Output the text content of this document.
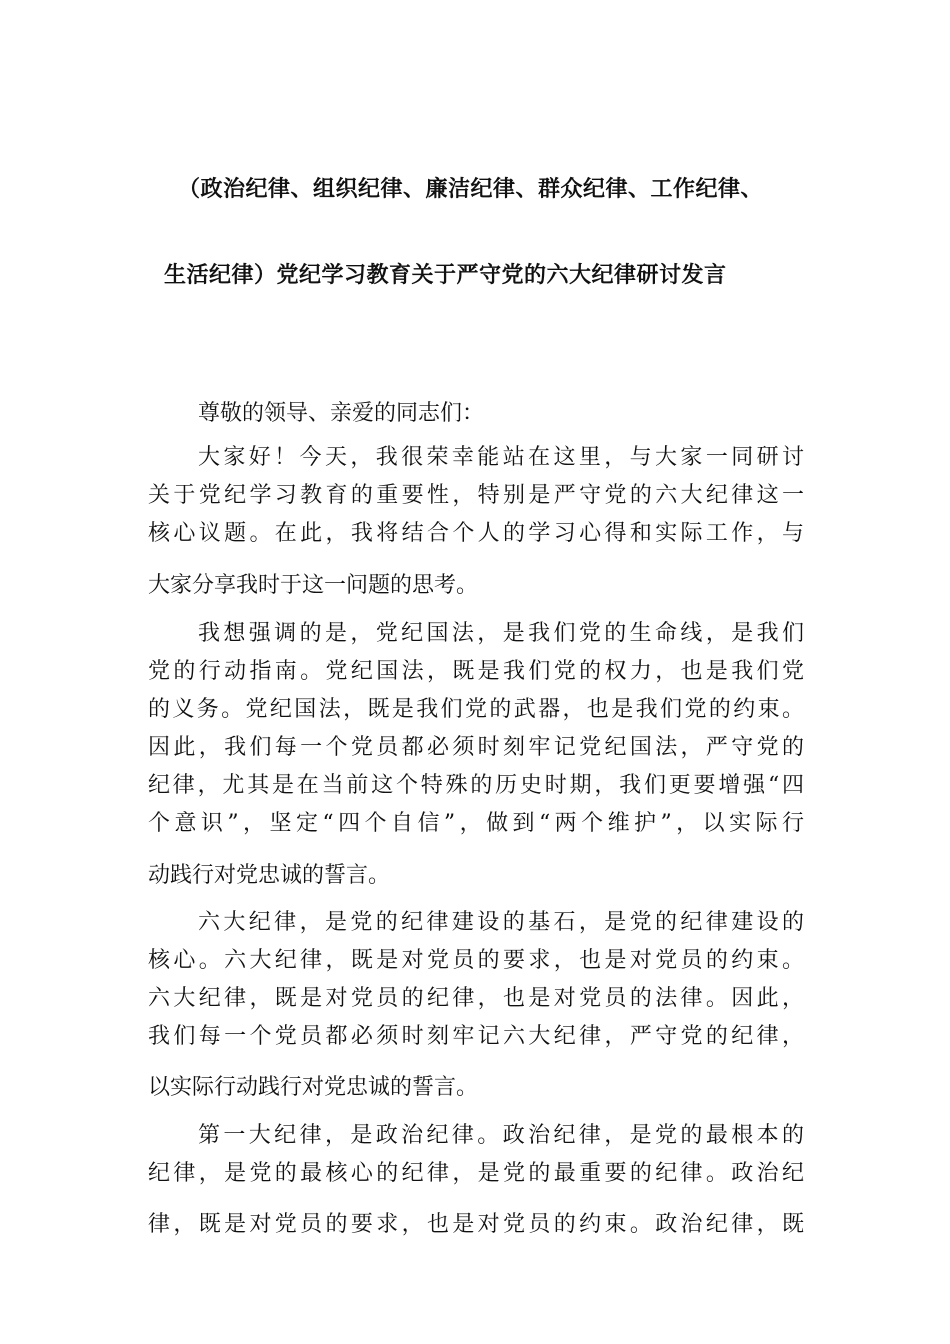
（政治纪律、组织纪律、廉洁纪律、群众纪律、工作纪律、
生活纪律）党纪学习教育关于严守党的六大纪律研讨发言
尊敬的领导、亲爱的同志们：
大家好！今天，我很荣幸能站在这里，与大家一同研讨
关于党纪学习教育的重要性，特别是严守党的六大纪律这一
核心议题。在此，我将结合个人的学习心得和实际工作，与
大家分享我时于这一问题的思考。
我想强调的是，党纪国法，是我们党的生命线，是我们
党的行动指南。党纪国法，既是我们党的权力，也是我们党
的义务。党纪国法，既是我们党的武器，也是我们党的约束。
因此，我们每一个党员都必须时刻牢记党纪国法，严守党的
纪律，尤其是在当前这个特殊的历史时期，我们更要增强“四
个意识”，坚定“四个自信”，做到“两个维护”，以实际行
动践行对党忠诚的誓言。
六大纪律，是党的纪律建设的基石，是党的纪律建设的
核心。六大纪律，既是对党员的要求，也是对党员的约束。
六大纪律，既是对党员的纪律，也是对党员的法律。因此，
我们每一个党员都必须时刻牢记六大纪律，严守党的纪律，
以实际行动践行对党忠诚的誓言。
第一大纪律，是政治纪律。政治纪律，是党的最根本的
纪律，是党的最核心的纪律，是党的最重要的纪律。政治纪
律，既是对党员的要求，也是对党员的约束。政治纪律，既
